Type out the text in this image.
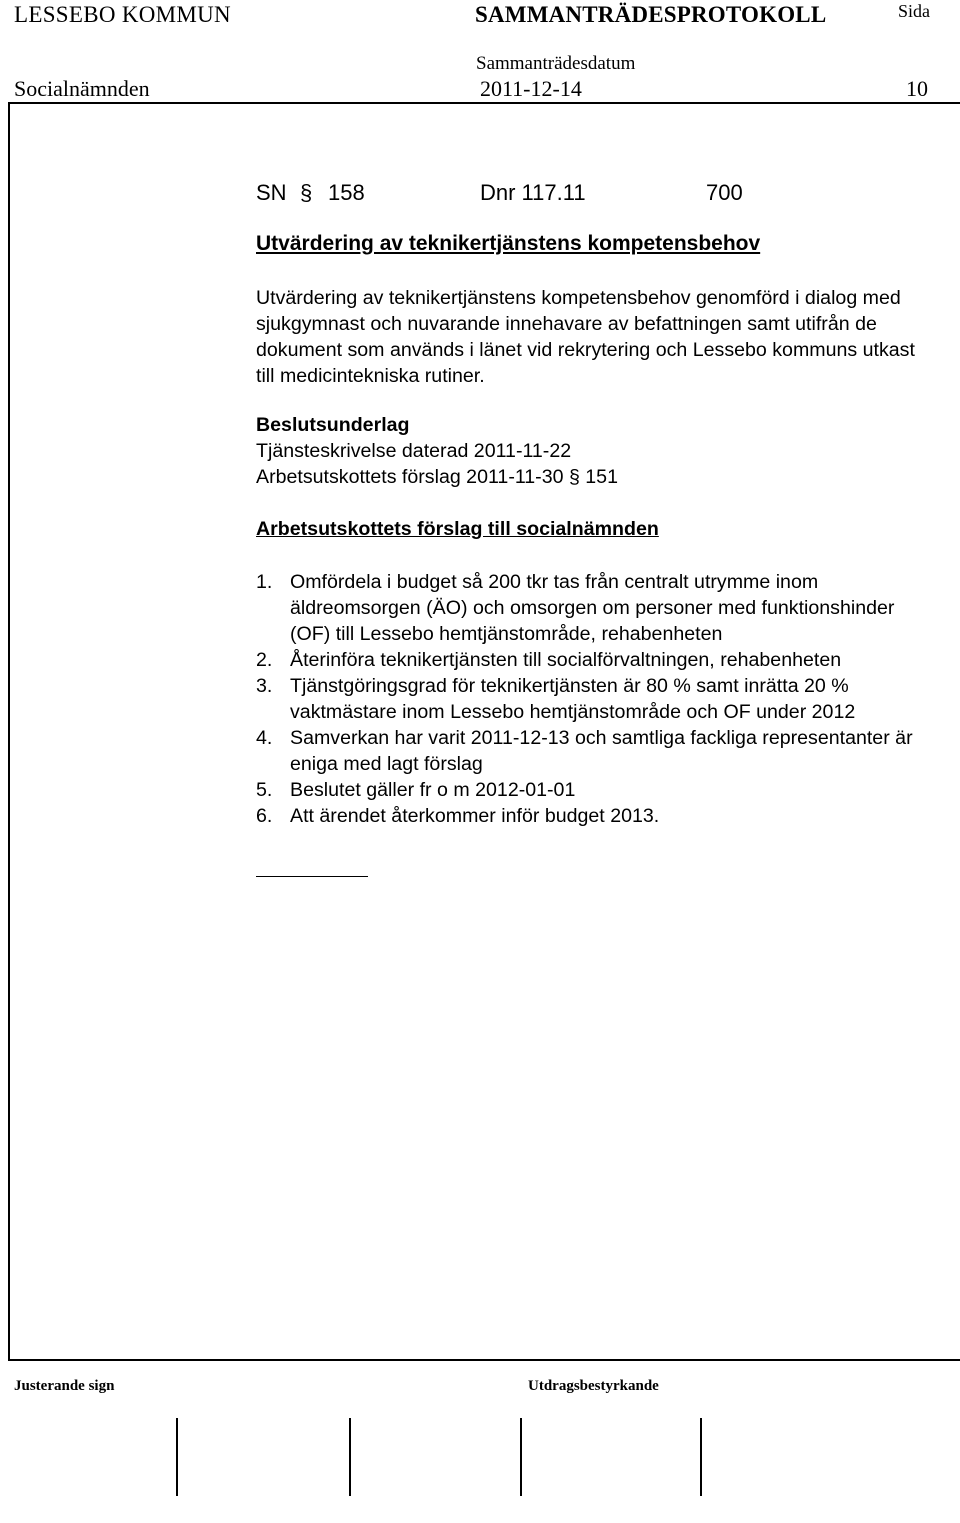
LESSEBO KOMMUN	SAMMANTRÄDESPROTOKOLL	Sida
Sammanträdesdatum
Socialnämnden	2011-12-14	10
SN § 158	Dnr 117.11	700
Utvärdering av teknikertjänstens kompetensbehov
Utvärdering av teknikertjänstens kompetensbehov genomförd i dialog med
sjukgymnast och nuvarande innehavare av befattningen samt utifrån de
dokument som används i länet vid rekrytering och Lessebo kommuns utkast
till medicintekniska rutiner.
Beslutsunderlag
Tjänsteskrivelse daterad 2011-11-22
Arbetsutskottets förslag 2011-11-30 § 151
Arbetsutskottets förslag till socialnämnden
1. Omfördela i budget så 200 tkr tas från centralt utrymme inom
äldreomsorgen (ÄO) och omsorgen om personer med funktionshinder
(OF) till Lessebo hemtjänstområde, rehabenheten
2. Återinföra teknikertjänsten till socialförvaltningen, rehabenheten
3. Tjänstgöringsgrad för teknikertjänsten är 80 % samt inrätta 20 %
vaktmästare inom Lessebo hemtjänstområde och OF under 2012
4. Samverkan har varit 2011-12-13 och samtliga fackliga representanter är
eniga med lagt förslag
5. Beslutet gäller fr o m 2012-01-01
6. Att ärendet återkommer inför budget 2013.
Justerande sign	Utdragsbestyrkande
